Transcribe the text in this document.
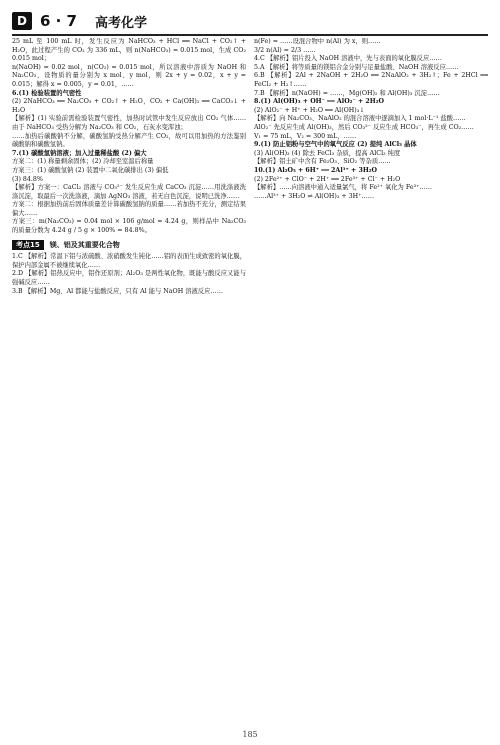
D 6 · 7 高考化学
25 mL 至 100 mL 时，发生反应为 NaHCO₃ + HCl ══ NaCl + CO₂↑ + H₂O，此过程产生的 CO₂ 为 336 mL，则 n(NaHCO₃) = 0.015 mol，生成 CO₂ 0.015 mol；
n(NaOH) = 0.02 mol，n(CO₂) = 0.015 mol，所以溶液中溶质为 NaOH 和 Na₂CO₃，设物质的量分别为 x mol、y mol，则 2x + y = 0.02，x + y = 0.015；解得 x = 0.005，y = 0.01，……
6.(1) 检验装置的气密性
(2) 2NaHCO₃ ══ Na₂CO₃ + CO₂↑ + H₂O，CO₂ + Ca(OH)₂ ══ CaCO₃↓ + H₂O
【解析】(1) 实验前需检验装置气密性，加热时试管中发生反应放出 CO₂ 气体……由于 NaHCO₃ 受热分解为 Na₂CO₃ 和 CO₂，石灰水变浑浊；
……加热后碳酸钠不分解，碳酸氢钠受热分解产生 CO₂，故可以用加热的方法鉴别碳酸钠和碳酸氢钠。
7.(1) 碳酸氢钠溶液；加入过量稀盐酸 (2) 偏大
方案二：(1) 称量剩余固体；(2) 冷却至室温后称量
方案三：(1) 碳酸氢钠 (2) 装置中二氧化碳排出 (3) 偏低
(3) 84.8%
【解析】方案一：CaCl₂ 溶液与 CO₃²⁻ 发生反应生成 CaCO₃ 沉淀……用洗涤液洗涤沉淀，取最后一次洗涤液，滴加 AgNO₃ 溶液，若无白色沉淀，说明已洗净……
方案二：根据加热前后固体质量差计算碳酸氢钠的质量……若加热不充分，测定结果偏大……
方案三：m(Na₂CO₃) = 0.04 mol × 106 g/mol = 4.24 g，则样品中 Na₂CO₃ 的质量分数为 4.24 g / 5 g × 100% = 84.8%。
考点15	镁、铝及其重要化合物
1.C 【解析】常温下铝与浓硫酸、浓硝酸发生钝化……铝的表面生成致密的氧化膜，保护内部金属不被继续氧化……
2.D 【解析】铝热反应中，铝作还原剂；Al₂O₃ 是两性氧化物，既能与酸反应又能与强碱反应……
3.B 【解析】Mg、Al 都能与盐酸反应，只有 Al 能与 NaOH 溶液反应……
n(Fe) = ……设混合物中 n(Al) 为 x，则……
3/2 n(Al) = 2/3 ……
4.C 【解析】铝片投入 NaOH 溶液中，先与表面的氧化膜反应……
5.A 【解析】将等质量的镁铝合金分别与足量盐酸、NaOH 溶液反应……
6.B 【解析】2Al + 2NaOH + 2H₂O ══ 2NaAlO₂ + 3H₂↑；Fe + 2HCl ══ FeCl₂ + H₂↑……
7.B 【解析】n(NaOH) = ……，Mg(OH)₂ 和 Al(OH)₃ 沉淀……
8.(1) Al(OH)₃ + OH⁻ ══ AlO₂⁻ + 2H₂O
(2) AlO₂⁻ + H⁺ + H₂O ══ Al(OH)₃↓
【解析】向 Na₂CO₃、NaAlO₂ 的混合溶液中逐滴加入 1 mol·L⁻¹ 盐酸……
AlO₂⁻ 先反应生成 Al(OH)₃，然后 CO₃²⁻ 反应生成 HCO₃⁻，再生成 CO₂……
V₁ = 75 mL，V₂ = 300 mL，……
9.(1) 防止铝粉与空气中的氧气反应 (2) 提纯 AlCl₃ 晶体
(3) Al(OH)₃ (4) 除去 FeCl₃ 杂质，提高 AlCl₃ 纯度
【解析】铝土矿中含有 Fe₂O₃、SiO₂ 等杂质……
10.(1) Al₂O₃ + 6H⁺ ══ 2Al³⁺ + 3H₂O
(2) 2Fe²⁺ + ClO⁻ + 2H⁺ ══ 2Fe³⁺ + Cl⁻ + H₂O
【解析】……向溶液中通入适量氯气，将 Fe²⁺ 氧化为 Fe³⁺……
……Al³⁺ + 3H₂O ⇌ Al(OH)₃ + 3H⁺……
185
